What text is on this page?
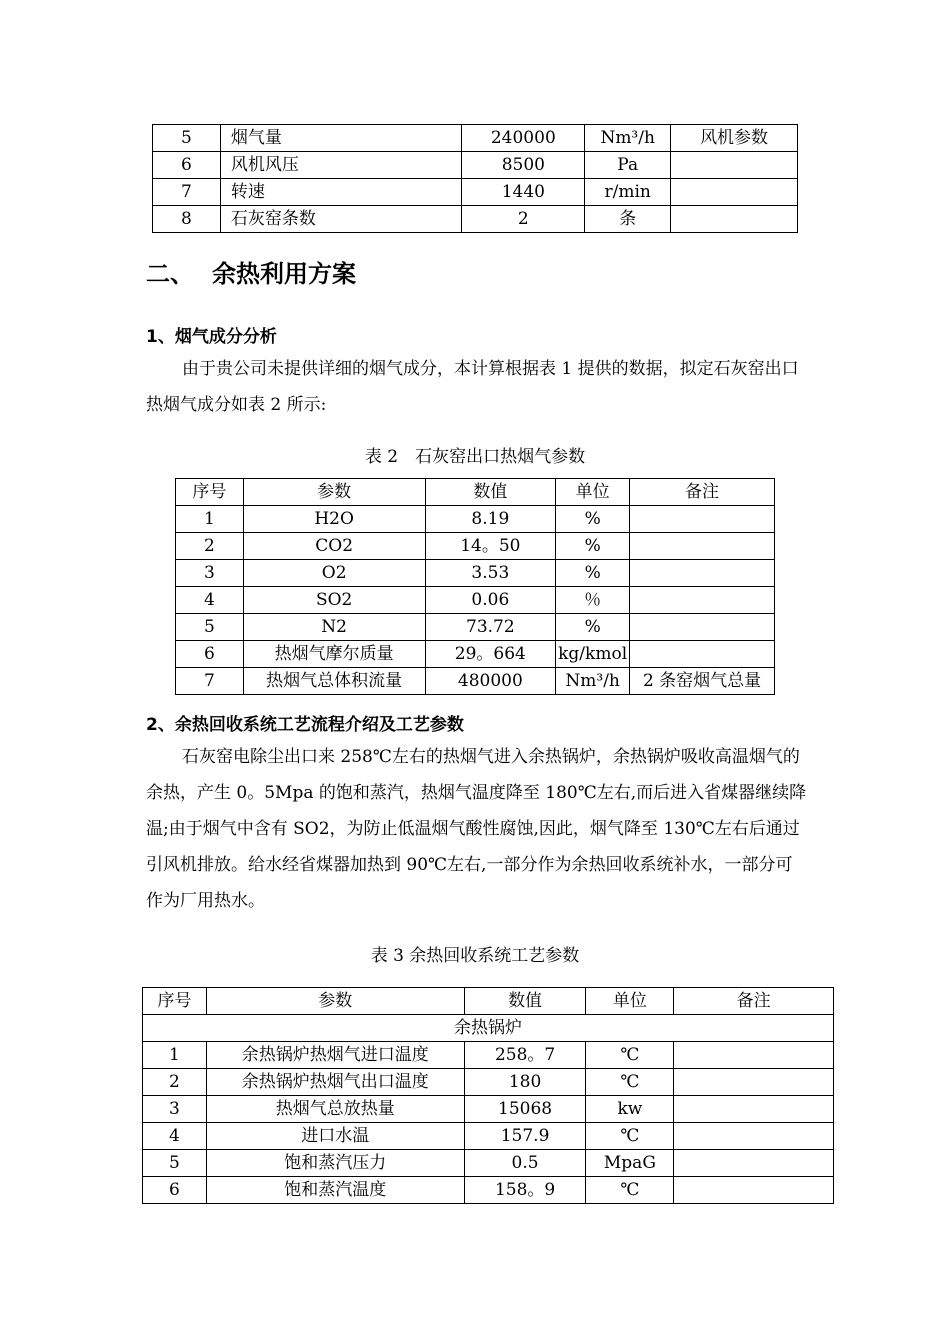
5	烟气量	240000	Nm³/h	风机参数
6	风机风压	8500	Pa	
7	转速	1440	r/min	
8	石灰窑条数	2	条	
二、 余热利用方案
1、烟气成分分析
由于贵公司未提供详细的烟气成分，本计算根据表 1 提供的数据，拟定石灰窑出口热烟气成分如表 2 所示:
表 2　石灰窑出口热烟气参数
序号	参数	数值	单位	备注
1	H2O	8.19	%	
2	CO2	14。50	%	
3	O2	3.53	%	
4	SO2	0.06	％	
5	N2	73.72	%	
6	热烟气摩尔质量	29。664	kg/kmol	
7	热烟气总体积流量	480000	Nm³/h	2 条窑烟气总量
2、余热回收系统工艺流程介绍及工艺参数
石灰窑电除尘出口来 258℃左右的热烟气进入余热锅炉，余热锅炉吸收高温烟气的余热，产生 0。5Mpa 的饱和蒸汽，热烟气温度降至 180℃左右,而后进入省煤器继续降温;由于烟气中含有 SO2，为防止低温烟气酸性腐蚀,因此，烟气降至 130℃左右后通过引风机排放。给水经省煤器加热到 90℃左右,一部分作为余热回收系统补水，一部分可作为厂用热水。
表 3 余热回收系统工艺参数
序号	参数	数值	单位	备注
余热锅炉				
1	余热锅炉热烟气进口温度	258。7	℃	
2	余热锅炉热烟气出口温度	180	℃	
3	热烟气总放热量	15068	kw	
4	进口水温	157.9	℃	
5	饱和蒸汽压力	0.5	MpaG	
6	饱和蒸汽温度	158。9	℃	
